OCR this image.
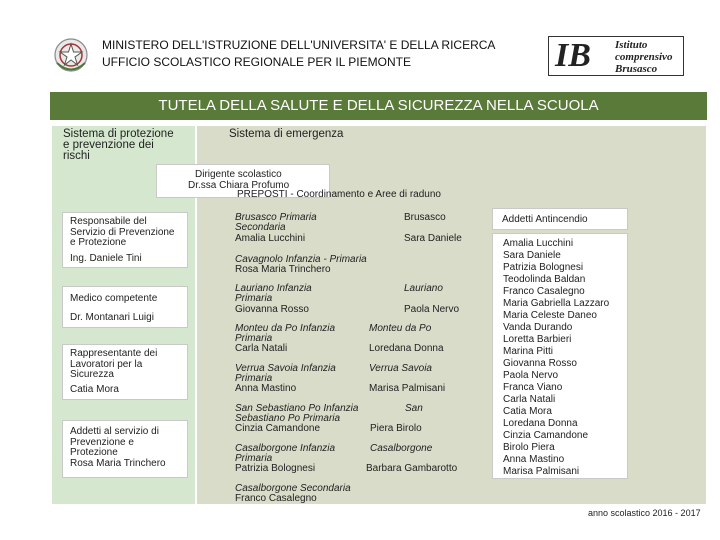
MINISTERO DELL'ISTRUZIONE DELL'UNIVERSITA' E DELLA RICERCA
UFFICIO SCOLASTICO REGIONALE PER IL PIEMONTE	IB Istituto
comprensivo
Brusasco
TUTELA DELLA SALUTE E DELLA SICUREZZA NELLA SCUOLA
Sistema di protezione
e prevenzione dei
rischi
Responsabile del
Servizio di Prevenzione
e Protezione
Ing. Daniele Tini
Medico competente
Dr. Montanari Luigi
Rappresentante dei
Lavoratori per la
Sicurezza
Catia Mora
Addetti al servizio di
Prevenzione e
Protezione
Rosa Maria Trinchero
Sistema di emergenza
Dirigente scolastico
Dr.ssa Chiara Profumo
PREPOSTI - Coordinamento e Aree di raduno
Brusasco Primaria
Secondaria
Amalia Lucchini
Brusasco
Sara Daniele
Cavagnolo Infanzia - Primaria
Rosa Maria Trinchero
Lauriano Infanzia
Primaria
Giovanna Rosso
Lauriano
Paola Nervo
Monteu da Po Infanzia
Primaria
Carla Natali
Monteu da Po
Loredana Donna
Verrua Savoia Infanzia
Primaria
Anna Mastino
Verrua Savoia
Marisa Palmisani
San Sebastiano Po Infanzia
Sebastiano Po Primaria
Cinzia Camandone
San
Piera Birolo
Casalborgone Infanzia
Primaria
Patrizia Bolognesi
Casalborgone
Barbara Gambarotto
Casalborgone Secondaria
Franco Casalegno
Addetti Antincendio
Amalia Lucchini
Sara Daniele
Patrizia Bolognesi
Teodolinda Baldan
Franco Casalegno
Maria Gabriella Lazzaro
Maria Celeste Daneo
Vanda Durando
Loretta Barbieri
Marina Pitti
Giovanna Rosso
Paola Nervo
Franca Viano
Carla Natali
Catia Mora
Loredana Donna
Cinzia Camandone
Birolo Piera
Anna Mastino
Marisa Palmisani
anno scolastico 2016 - 2017
